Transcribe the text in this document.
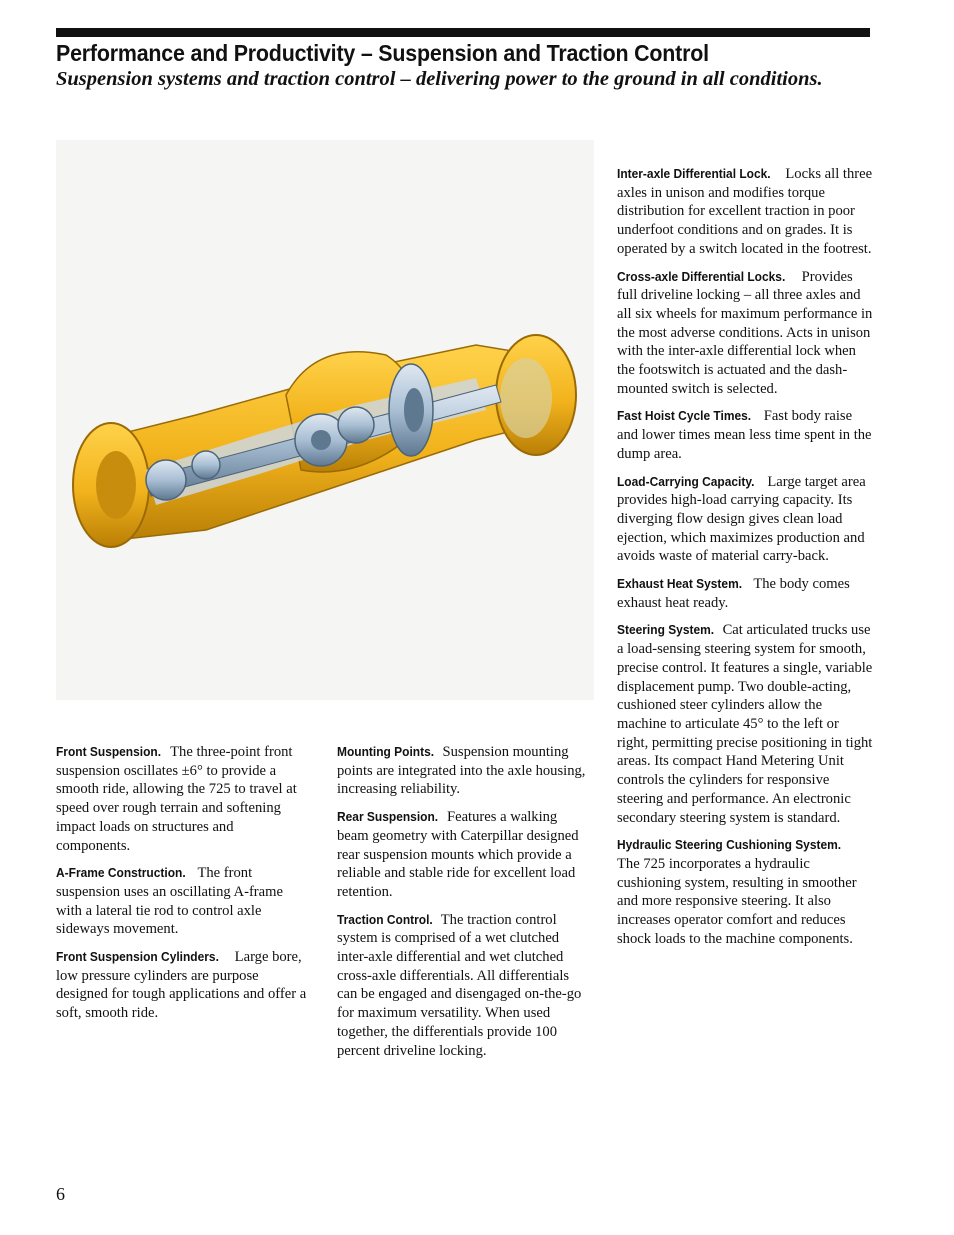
Performance and Productivity – Suspension and Traction Control
Suspension systems and traction control – delivering power to the ground in all conditions.

Front Suspension. The three-point front suspension oscillates ±6° to provide a smooth ride, allowing the 725 to travel at speed over rough terrain and softening impact loads on structures and components.

A-Frame Construction. The front suspension uses an oscillating A-frame with a lateral tie rod to control axle sideways movement.

Front Suspension Cylinders. Large bore, low pressure cylinders are purpose designed for tough applications and offer a soft, smooth ride.

Mounting Points. Suspension mounting points are integrated into the axle housing, increasing reliability.

Rear Suspension. Features a walking beam geometry with Caterpillar designed rear suspension mounts which provide a reliable and stable ride for excellent load retention.

Traction Control. The traction control system is comprised of a wet clutched inter-axle differential and wet clutched cross-axle differentials. All differentials can be engaged and disengaged on-the-go for maximum versatility. When used together, the differentials provide 100 percent driveline locking.

Inter-axle Differential Lock. Locks all three axles in unison and modifies torque distribution for excellent traction in poor underfoot conditions and on grades. It is operated by a switch located in the footrest.

Cross-axle Differential Locks. Provides full driveline locking – all three axles and all six wheels for maximum performance in the most adverse conditions. Acts in unison with the inter-axle differential lock when the footswitch is actuated and the dash-mounted switch is selected.

Fast Hoist Cycle Times. Fast body raise and lower times mean less time spent in the dump area.

Load-Carrying Capacity. Large target area provides high-load carrying capacity. Its diverging flow design gives clean load ejection, which maximizes production and avoids waste of material carry-back.

Exhaust Heat System. The body comes exhaust heat ready.

Steering System. Cat articulated trucks use a load-sensing steering system for smooth, precise control. It features a single, variable displacement pump. Two double-acting, cushioned steer cylinders allow the machine to articulate 45° to the left or right, permitting precise positioning in tight areas. Its compact Hand Metering Unit controls the cylinders for responsive steering and performance. An electronic secondary steering system is standard.

Hydraulic Steering Cushioning System. The 725 incorporates a hydraulic cushioning system, resulting in smoother and more responsive steering. It also increases operator comfort and reduces shock loads to the machine components.

6
